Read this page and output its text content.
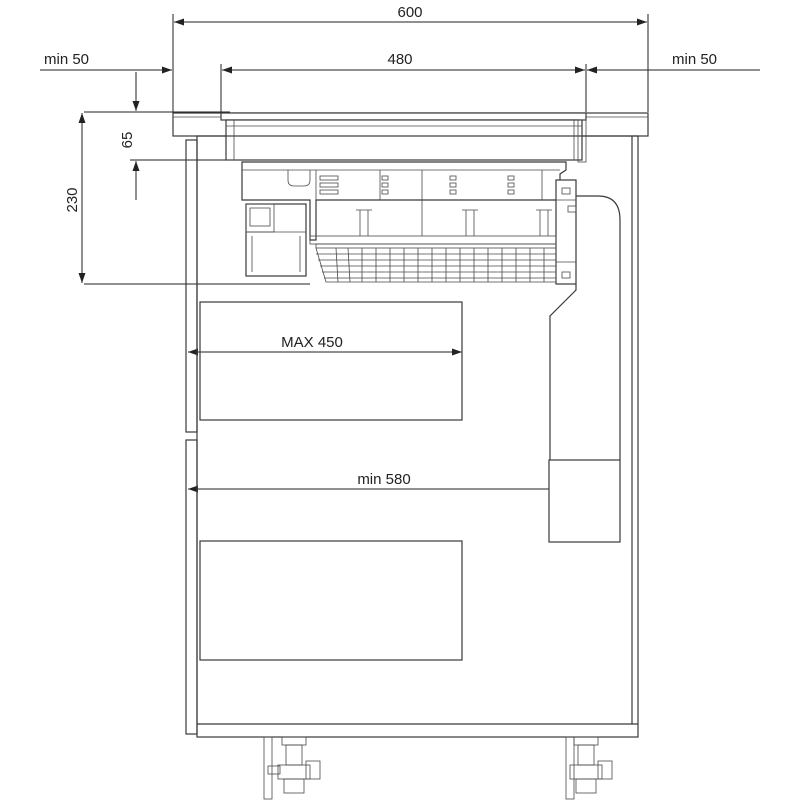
600
480
min 50	min 50
65
230
MAX 450
min 580
